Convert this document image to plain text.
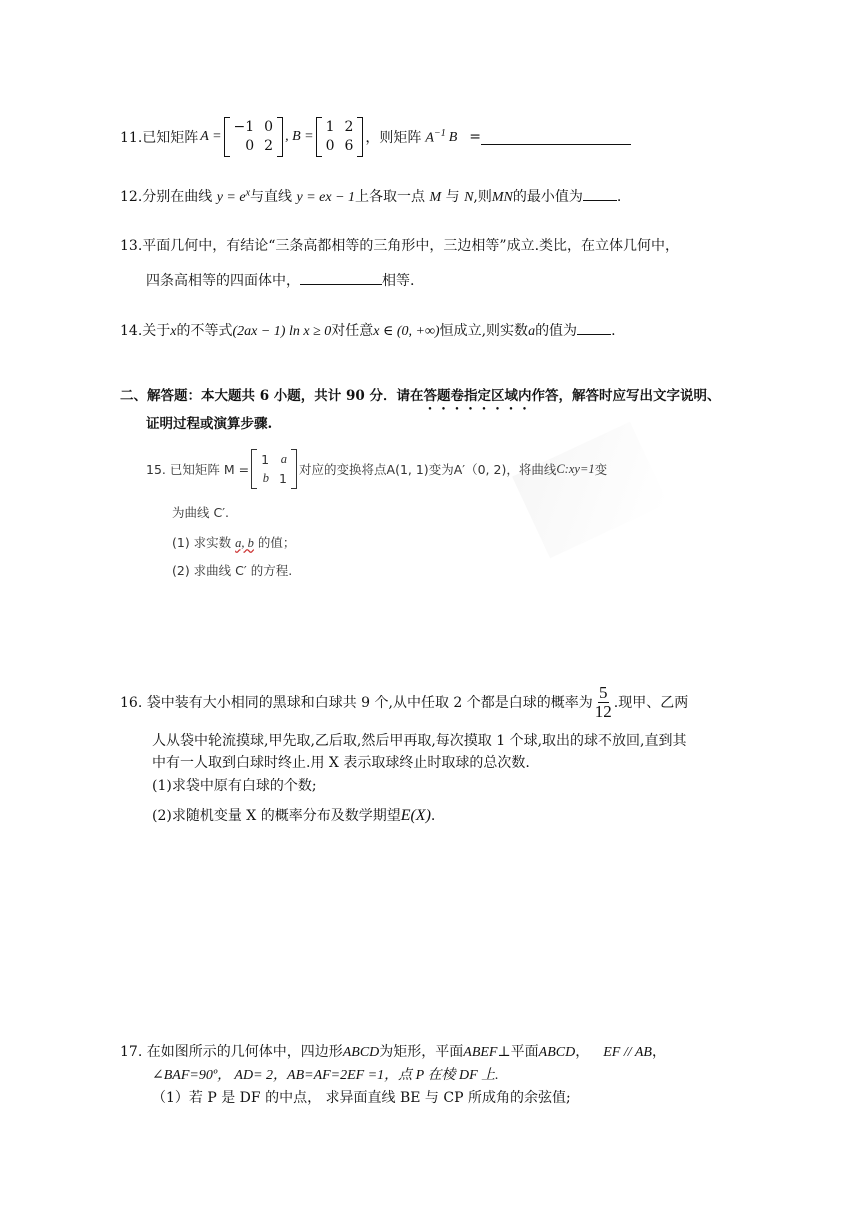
11.已知矩阵 A =
−1 0
0 2
, B =
1 2
0 6 ，则矩阵 $A^{-1}$ B =
12.分别在曲线 $y = e^x$与直线 y = ex − 1上各取一点 M 与 N,则MN的最小值为 .
13.平面几何中，有结论“三条高都相等的三角形中，三边相等”成立.类比，在立体几何中，
四条高相等的四面体中，	相等.
14.关于x的不等式(2ax − 1) ln x ≥ 0对任意x ∈ (0, +∞)恒成立,则实数a的值为 .
二、解答题：本大题共 6 小题，共计 90 分．请在答题卷指定区域内作答，解答时应写出文字说明、
证明过程或演算步骤.
15. 已知矩阵 M =
1 a
b 1
对应的变换将点 A(1, 1) 变为 A′（0, 2) ，将曲线 C:xy=1 变
为曲线 C′.
(1) 求实数 a, b 的值；
(2) 求曲线 C′ 的方程.
16. 袋中装有大小相同的黑球和白球共 9 个,从中任取 2 个都是白球的概率为 $\frac{5}{12}$ .现甲、乙两
人从袋中轮流摸球,甲先取,乙后取,然后甲再取,每次摸取 1 个球,取出的球不放回,直到其
中有一人取到白球时终止.用 X 表示取球终止时取球的总次数.
(1)求袋中原有白球的个数;
(2)求随机变量 X 的概率分布及数学期望E(X).
17. 在如图所示的几何体中，四边形ABCD为矩形，平面ABEF⊥平面ABCD， EF // AB，
∠BAF=90º， AD= 2，AB=AF=2EF =1，点 P 在棱 DF 上.
（1）若 P 是 DF 的中点， 求异面直线 BE 与 CP 所成角的余弦值;
